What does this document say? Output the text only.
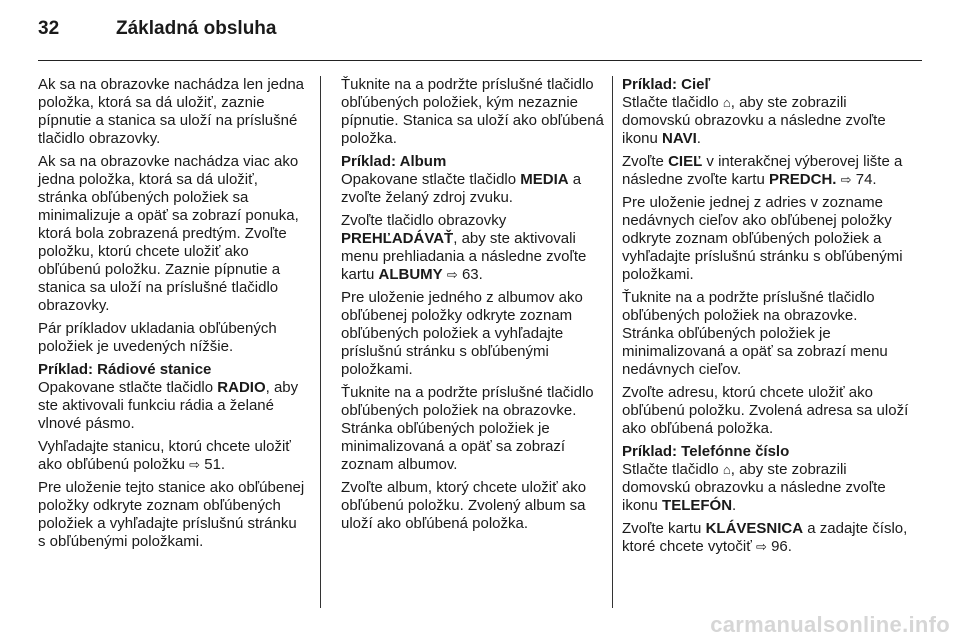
32	Základná obsluha

Ak sa na obrazovke nachádza len jedna položka, ktorá sa dá uložiť, zaznie pípnutie a stanica sa uloží na príslušné tlačidlo obrazovky.

Ak sa na obrazovke nachádza viac ako jedna položka, ktorá sa dá uložiť, stránka obľúbených položiek sa minimalizuje a opäť sa zobrazí ponuka, ktorá bola zobrazená predtým. Zvoľte položku, ktorú chcete uložiť ako obľúbenú položku. Zaznie pípnutie a stanica sa uloží na príslušné tlačidlo obrazovky.

Pár príkladov ukladania obľúbených položiek je uvedených nížšie.

Príklad: Rádiové stanice

Opakovane stlačte tlačidlo RADIO, aby ste aktivovali funkciu rádia a želané vlnové pásmo.

Vyhľadajte stanicu, ktorú chcete uložiť ako obľúbenú položku ⇨ 51.

Pre uloženie tejto stanice ako obľúbenej položky odkryte zoznam obľúbených položiek a vyhľadajte príslušnú stránku s obľúbenými položkami.

Ťuknite na a podržte príslušné tlačidlo obľúbených položiek, kým nezaznie pípnutie. Stanica sa uloží ako obľúbená položka.

Príklad: Album

Opakovane stlačte tlačidlo MEDIA a zvoľte želaný zdroj zvuku.

Zvoľte tlačidlo obrazovky PREHĽADÁVAŤ, aby ste aktivovali menu prehliadania a následne zvoľte kartu ALBUMY ⇨ 63.

Pre uloženie jedného z albumov ako obľúbenej položky odkryte zoznam obľúbených položiek a vyhľadajte príslušnú stránku s obľúbenými položkami.

Ťuknite na a podržte príslušné tlačidlo obľúbených položiek na obrazovke. Stránka obľúbených položiek je minimalizovaná a opäť sa zobrazí zoznam albumov.

Zvoľte album, ktorý chcete uložiť ako obľúbenú položku. Zvolený album sa uloží ako obľúbená položka.

Príklad: Cieľ

Stlačte tlačidlo ⌂, aby ste zobrazili domovskú obrazovku a následne zvoľte ikonu NAVI.

Zvoľte CIEĽ v interakčnej výberovej lište a následne zvoľte kartu PREDCH. ⇨ 74.

Pre uloženie jednej z adries v zozname nedávnych cieľov ako obľúbenej položky odkryte zoznam obľúbených položiek a vyhľadajte príslušnú stránku s obľúbenými položkami.

Ťuknite na a podržte príslušné tlačidlo obľúbených položiek na obrazovke. Stránka obľúbených položiek je minimalizovaná a opäť sa zobrazí menu nedávnych cieľov.

Zvoľte adresu, ktorú chcete uložiť ako obľúbenú položku. Zvolená adresa sa uloží ako obľúbená položka.

Príklad: Telefónne číslo

Stlačte tlačidlo ⌂, aby ste zobrazili domovskú obrazovku a následne zvoľte ikonu TELEFÓN.

Zvoľte kartu KLÁVESNICA a zadajte číslo, ktoré chcete vytočiť ⇨ 96.

carmanualsonline.info
